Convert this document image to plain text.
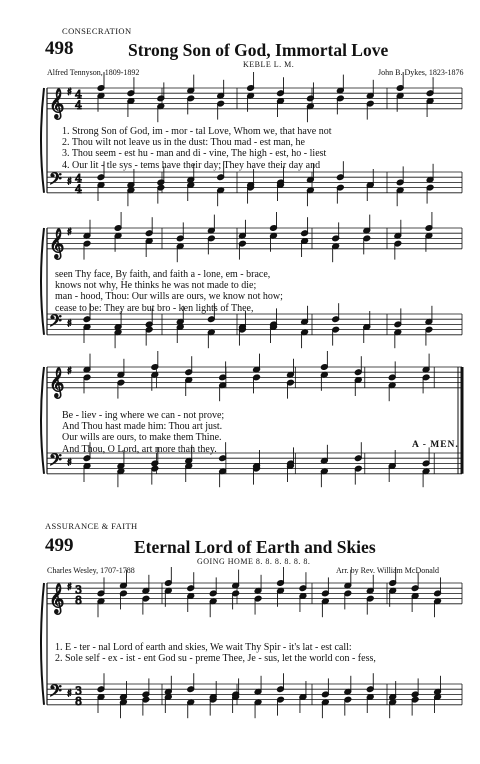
CONSECRATION
498	Strong Son of God, Immortal Love
KEBLE L. M.
Alfred Tennyson, 1809-1892	John B. Dykes, 1823-1876
𝄞
𝄢
♯
♯
4
4
4
4
𝄞
𝄢
♯
♯
𝄞
𝄢
♯
♯
𝄞
𝄢
♯
♯
3
8
3
8
1. Strong Son of God, im - mor - tal Love, Whom we, that have not
2. Thou wilt not leave us in the dust: Thou mad - est man, he
3. Thou seem - est hu - man and di - vine, The high - est, ho - liest
4. Our lit - tle sys - tems have their day; They have their day and
seen Thy face, By faith, and faith a - lone, em - brace,
knows not why, He thinks he was not made to die;
man - hood, Thou: Our wills are ours, we know not how;
cease to be: They are but bro - ken lights of Thee,
Be - liev - ing where we can - not prove;
And Thou hast made him: Thou art just.
Our wills are ours, to make them Thine.
And Thou, O Lord, art more than they.	A - MEN.
ASSURANCE & FAITH
499	Eternal Lord of Earth and Skies
GOING HOME 8. 8. 8. 8. 8. 8.
Charles Wesley, 1707-1788	Arr. by Rev. William McDonald
1. E - ter - nal Lord of earth and skies, We wait Thy Spir - it's lat - est call:
2. Sole self - ex - ist - ent God su - preme Thee, Je - sus, let the world con - fess,
